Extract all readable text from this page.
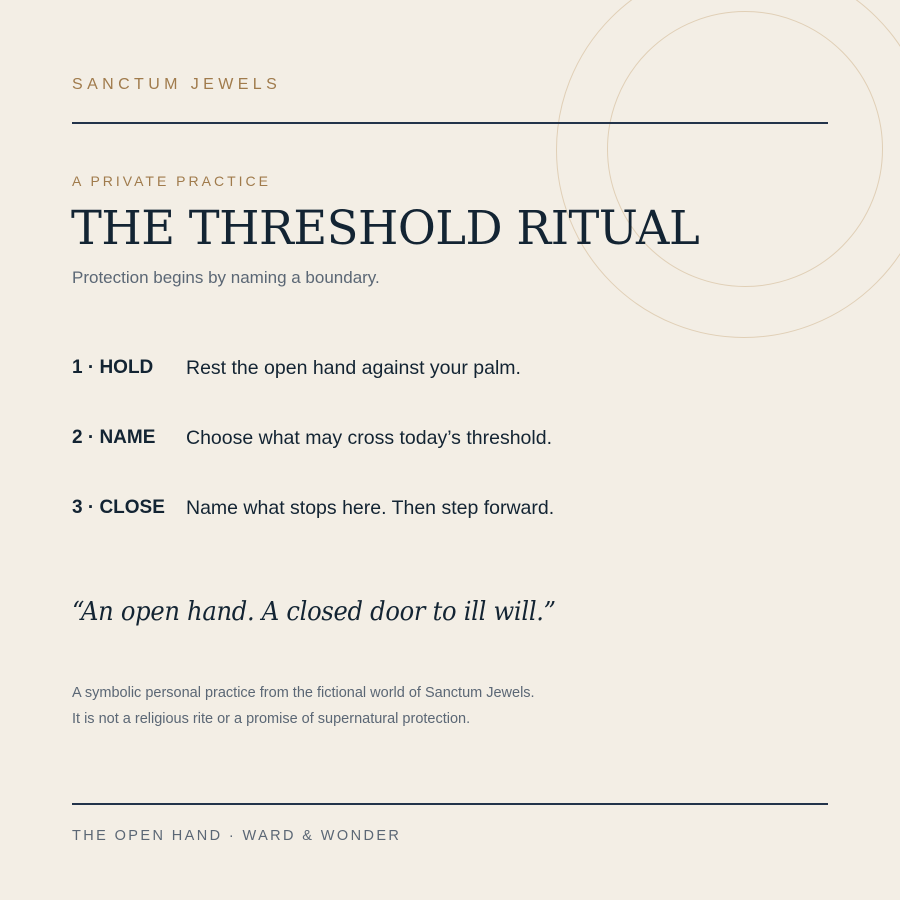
SANCTUM JEWELS
A PRIVATE PRACTICE
THE THRESHOLD RITUAL
Protection begins by naming a boundary.
1 · HOLD Rest the open hand against your palm.
2 · NAME Choose what may cross today’s threshold.
3 · CLOSE Name what stops here. Then step forward.
“An open hand. A closed door to ill will.”
A symbolic personal practice from the fictional world of Sanctum Jewels.
It is not a religious rite or a promise of supernatural protection.
THE OPEN HAND · WARD & WONDER
